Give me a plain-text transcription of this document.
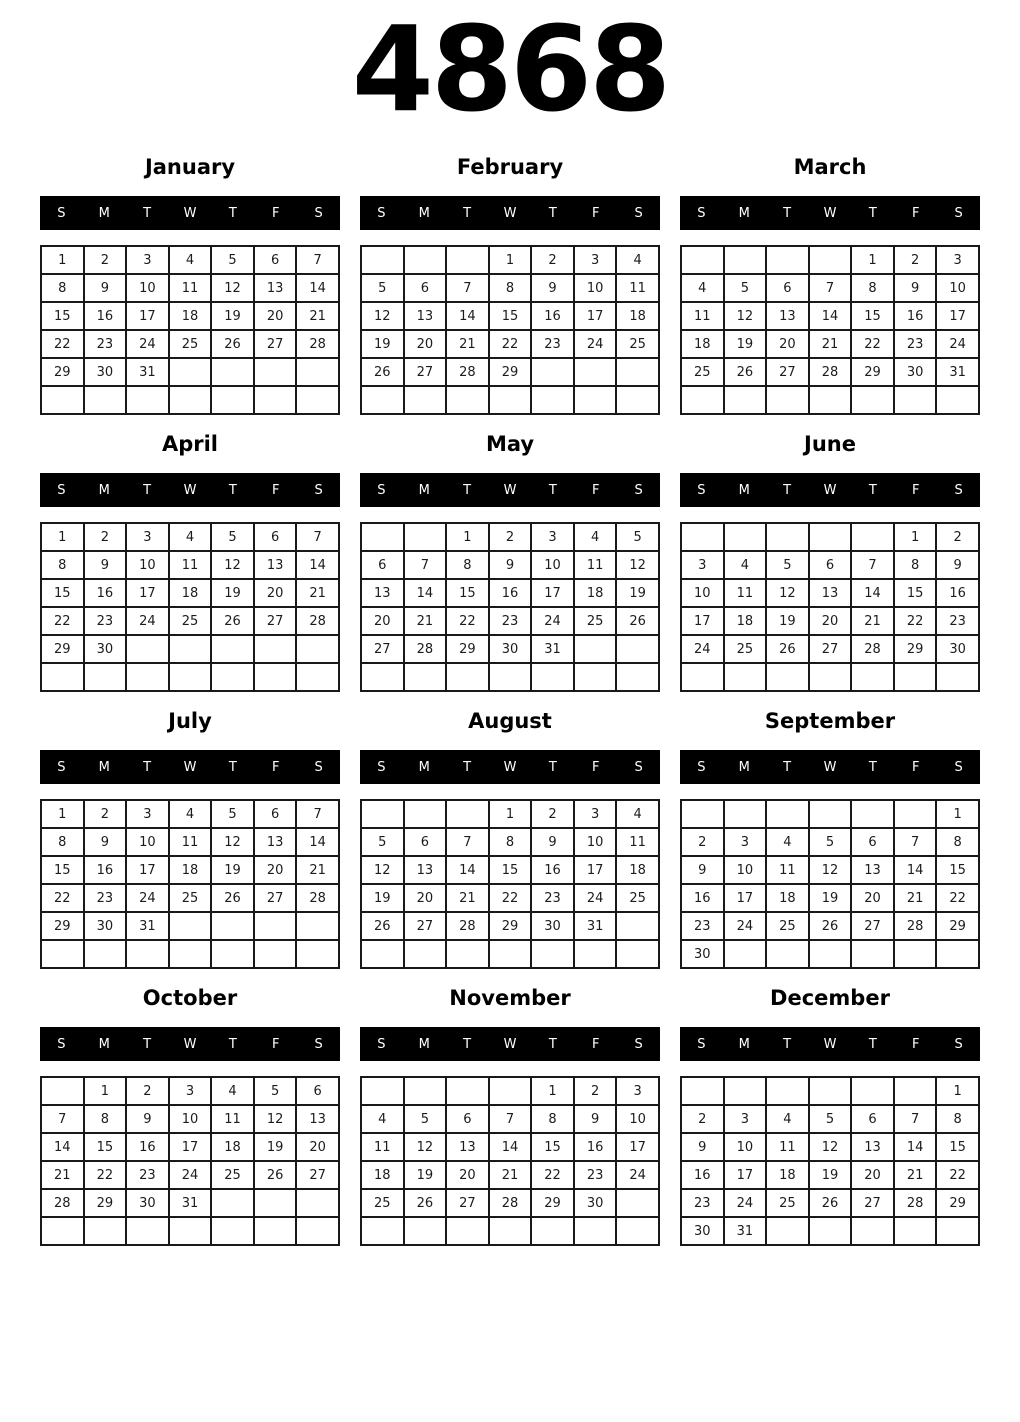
4868
January
S	M	T	W	T	F	S
1	2	3	4	5	6	7
8	9	10	11	12	13	14
15	16	17	18	19	20	21
22	23	24	25	26	27	28
29	30	31				

February
S	M	T	W	T	F	S
			1	2	3	4
5	6	7	8	9	10	11
12	13	14	15	16	17	18
19	20	21	22	23	24	25
26	27	28	29			

March
S	M	T	W	T	F	S
				1	2	3
4	5	6	7	8	9	10
11	12	13	14	15	16	17
18	19	20	21	22	23	24
25	26	27	28	29	30	31

April
S	M	T	W	T	F	S
1	2	3	4	5	6	7
8	9	10	11	12	13	14
15	16	17	18	19	20	21
22	23	24	25	26	27	28
29	30					

May
S	M	T	W	T	F	S
		1	2	3	4	5
6	7	8	9	10	11	12
13	14	15	16	17	18	19
20	21	22	23	24	25	26
27	28	29	30	31		

June
S	M	T	W	T	F	S
					1	2
3	4	5	6	7	8	9
10	11	12	13	14	15	16
17	18	19	20	21	22	23
24	25	26	27	28	29	30

July
S	M	T	W	T	F	S
1	2	3	4	5	6	7
8	9	10	11	12	13	14
15	16	17	18	19	20	21
22	23	24	25	26	27	28
29	30	31				

August
S	M	T	W	T	F	S
			1	2	3	4
5	6	7	8	9	10	11
12	13	14	15	16	17	18
19	20	21	22	23	24	25
26	27	28	29	30	31	

September
S	M	T	W	T	F	S
						1
2	3	4	5	6	7	8
9	10	11	12	13	14	15
16	17	18	19	20	21	22
23	24	25	26	27	28	29
30						
October
S	M	T	W	T	F	S
	1	2	3	4	5	6
7	8	9	10	11	12	13
14	15	16	17	18	19	20
21	22	23	24	25	26	27
28	29	30	31			

November
S	M	T	W	T	F	S
				1	2	3
4	5	6	7	8	9	10
11	12	13	14	15	16	17
18	19	20	21	22	23	24
25	26	27	28	29	30	

December
S	M	T	W	T	F	S
						1
2	3	4	5	6	7	8
9	10	11	12	13	14	15
16	17	18	19	20	21	22
23	24	25	26	27	28	29
30	31					
